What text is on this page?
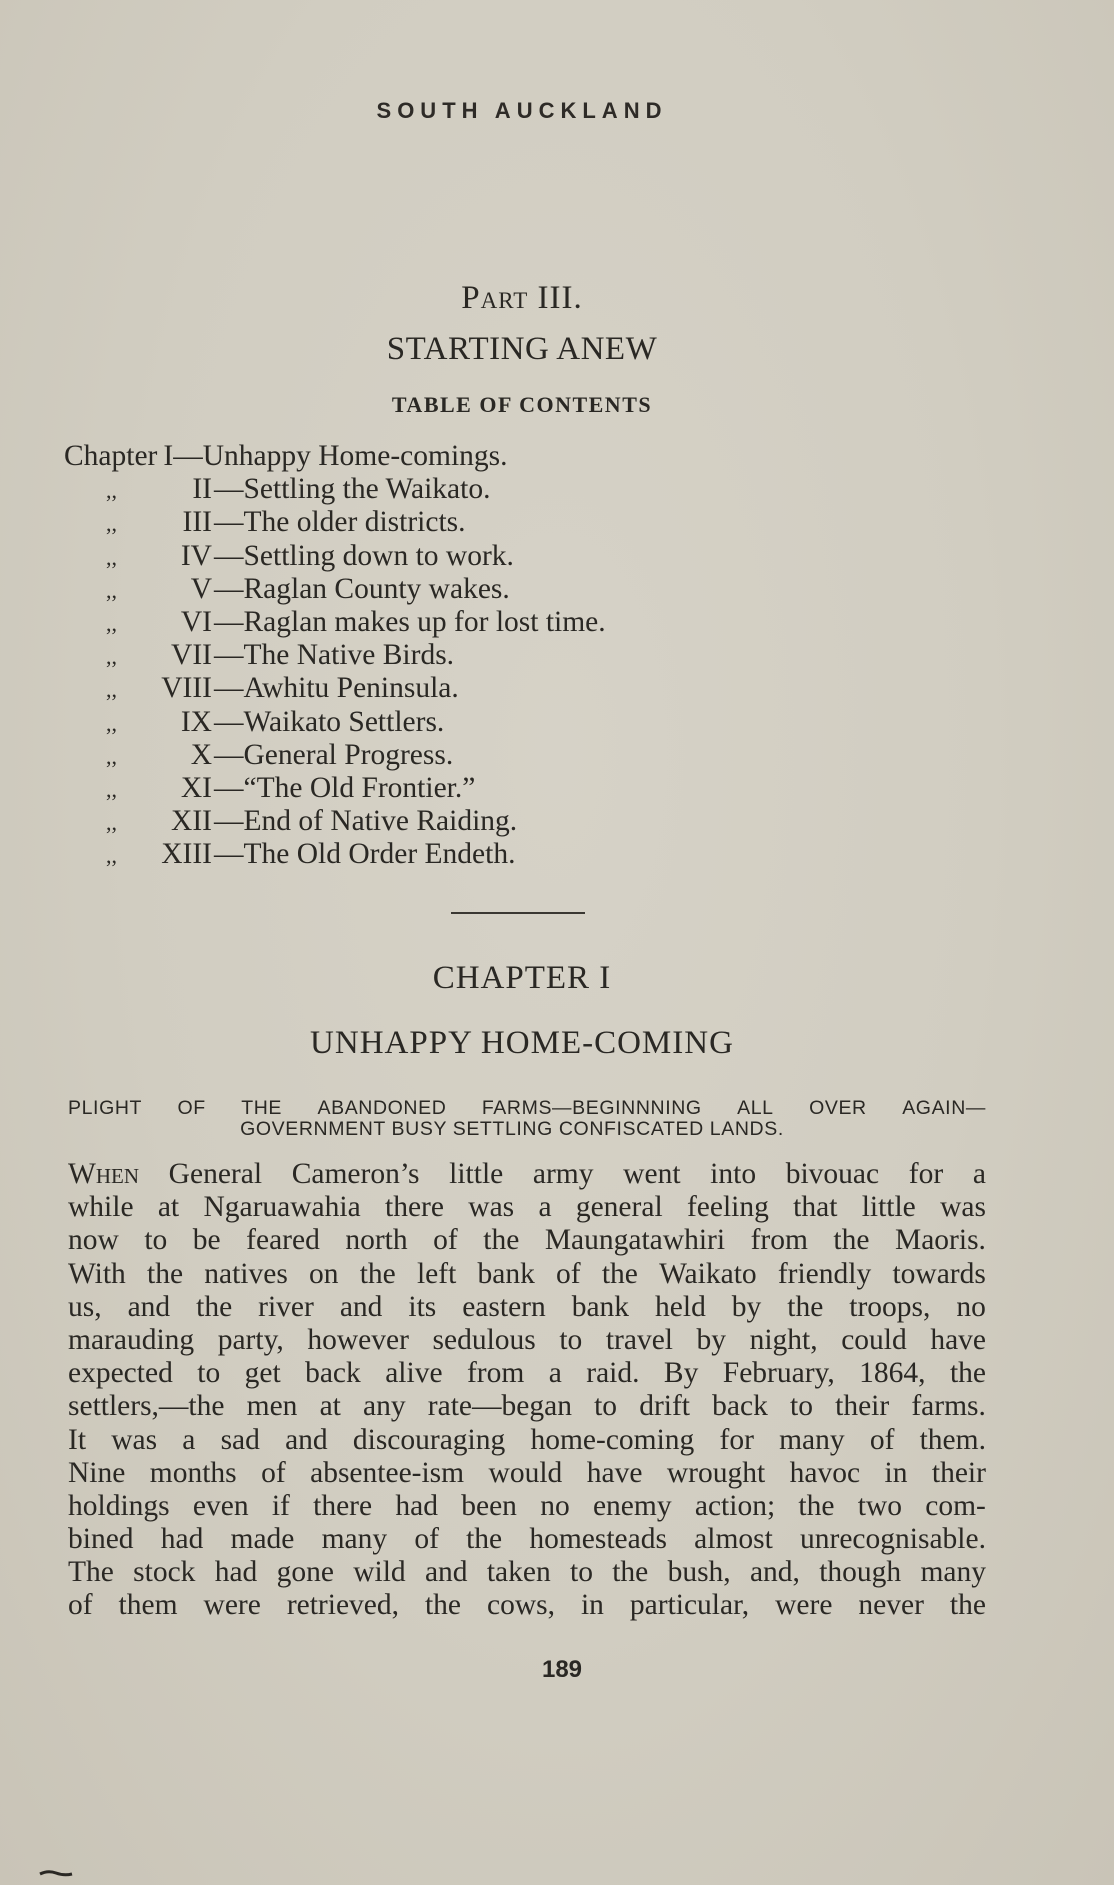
SOUTH AUCKLAND
Part III.
STARTING ANEW
TABLE OF CONTENTS
Chapter I—Unhappy Home-comings.
,,	II—Settling the Waikato.
,, III—The older districts.
,, IV—Settling down to work.
,, V—Raglan County wakes.
,, VI—Raglan makes up for lost time.
,, VII—The Native Birds.
,, VIII—Awhitu Peninsula.
,, IX—Waikato Settlers.
,, X—General Progress.
,, XI—“The Old Frontier.”
,, XII—End of Native Raiding.
,, XIII—The Old Order Endeth.
CHAPTER I
UNHAPPY HOME-COMING
PLIGHT OF THE ABANDONED FARMS—BEGINNNING ALL OVER AGAIN—
GOVERNMENT BUSY SETTLING CONFISCATED LANDS.
When General Cameron’s little army went into bivouac for a
while at Ngaruawahia there was a general feeling that little was
now to be feared north of the Maungatawhiri from the Maoris.
With the natives on the left bank of the Waikato friendly towards
us, and the river and its eastern bank held by the troops, no
marauding party, however sedulous to travel by night, could have
expected to get back alive from a raid. By February, 1864, the
settlers,—the men at any rate—began to drift back to their farms.
It was a sad and discouraging home-coming for many of them.
Nine months of absentee-ism would have wrought havoc in their
holdings even if there had been no enemy action; the two com-
bined had made many of the homesteads almost unrecognisable.
The stock had gone wild and taken to the bush, and, though many
of them were retrieved, the cows, in particular, were never the
189
